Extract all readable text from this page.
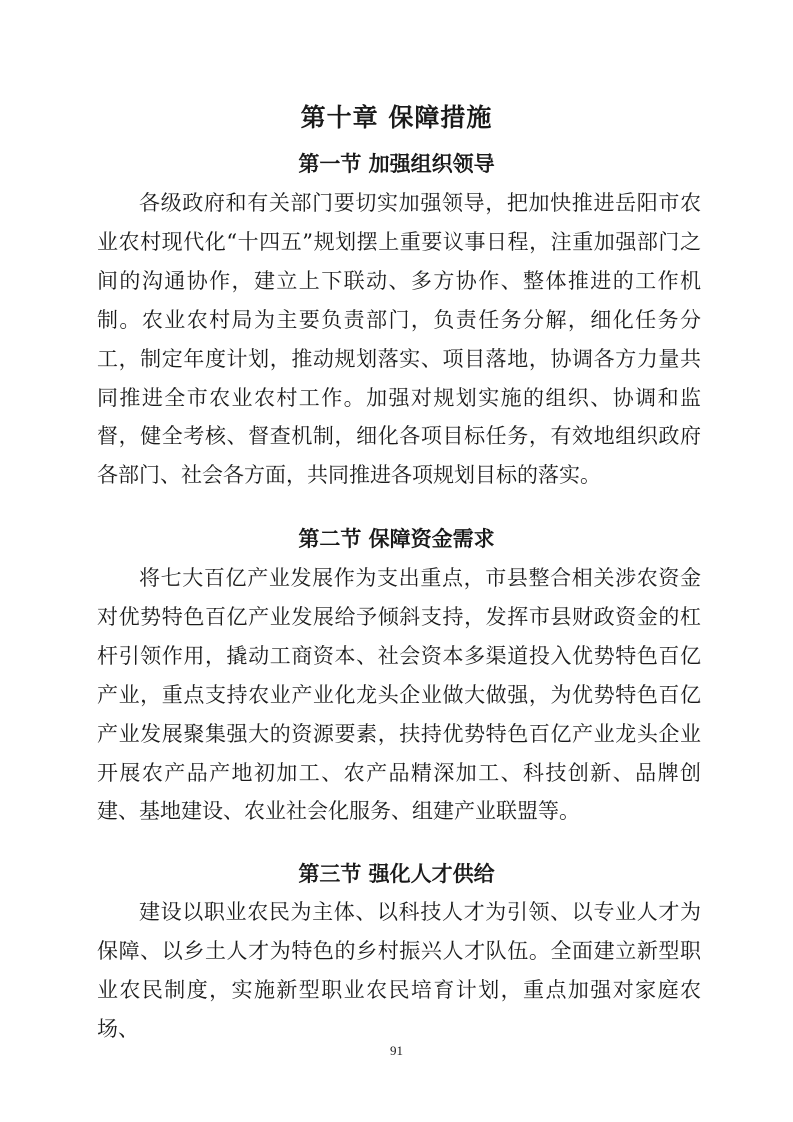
第十章 保障措施
第一节 加强组织领导
各级政府和有关部门要切实加强领导，把加快推进岳阳市农业农村现代化“十四五”规划摆上重要议事日程，注重加强部门之间的沟通协作，建立上下联动、多方协作、整体推进的工作机制。农业农村局为主要负责部门，负责任务分解，细化任务分工，制定年度计划，推动规划落实、项目落地，协调各方力量共同推进全市农业农村工作。加强对规划实施的组织、协调和监督，健全考核、督查机制，细化各项目标任务，有效地组织政府各部门、社会各方面，共同推进各项规划目标的落实。
第二节 保障资金需求
将七大百亿产业发展作为支出重点，市县整合相关涉农资金对优势特色百亿产业发展给予倾斜支持，发挥市县财政资金的杠杆引领作用，撬动工商资本、社会资本多渠道投入优势特色百亿产业，重点支持农业产业化龙头企业做大做强，为优势特色百亿产业发展聚集强大的资源要素，扶持优势特色百亿产业龙头企业开展农产品产地初加工、农产品精深加工、科技创新、品牌创建、基地建设、农业社会化服务、组建产业联盟等。
第三节 强化人才供给
建设以职业农民为主体、以科技人才为引领、以专业人才为保障、以乡土人才为特色的乡村振兴人才队伍。全面建立新型职业农民制度，实施新型职业农民培育计划，重点加强对家庭农场、
91
